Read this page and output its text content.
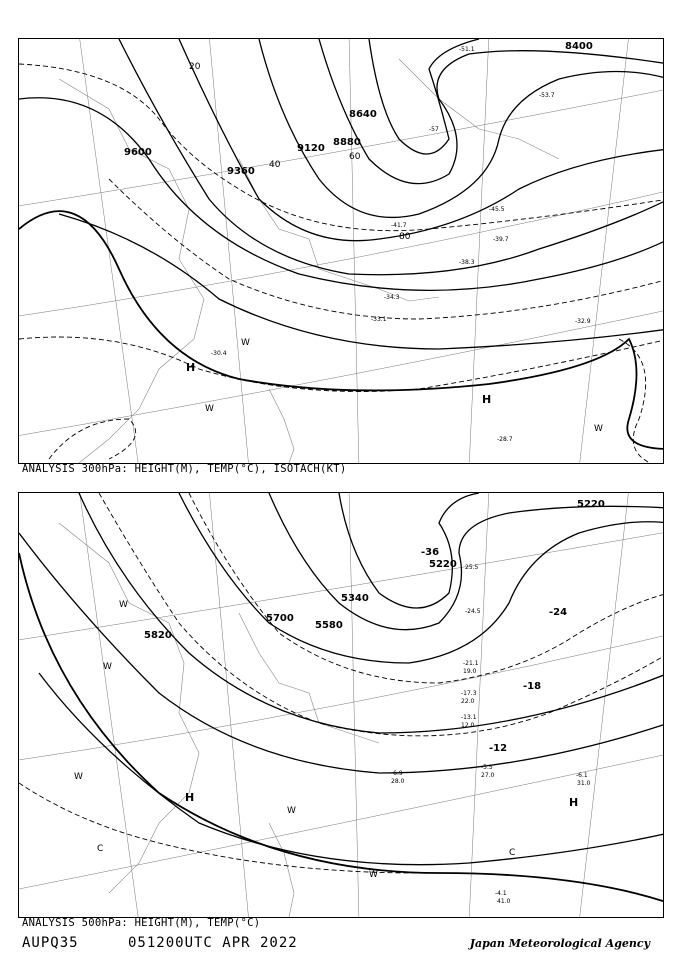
9600
9360
9120
8880
8640
8400
20
40
60
80
-28.7
-30.4
-32.9
-33.1
-34.3
-38.3
-39.7
-41.7
-45.5
-51.1
-53.7
-57
H
H
W
W
W
ANALYSIS 300hPa: HEIGHT(M), TEMP(°C), ISOTACH(KT)
5820
5700
5580
5340
5220
5220
-12
-18
-24
-36
-4.1
41.0
-6.1
31.0
-5.5
27.0
-6.9
28.0
-13.1
12.0
-17.3
22.0
-21.1
19.0
-24.5
25.5
H	H
C	C
W
W
W
W
W
ANALYSIS 500hPa: HEIGHT(M), TEMP(°C)
AUPQ35	051200UTC APR 2022	Japan Meteorological Agency
